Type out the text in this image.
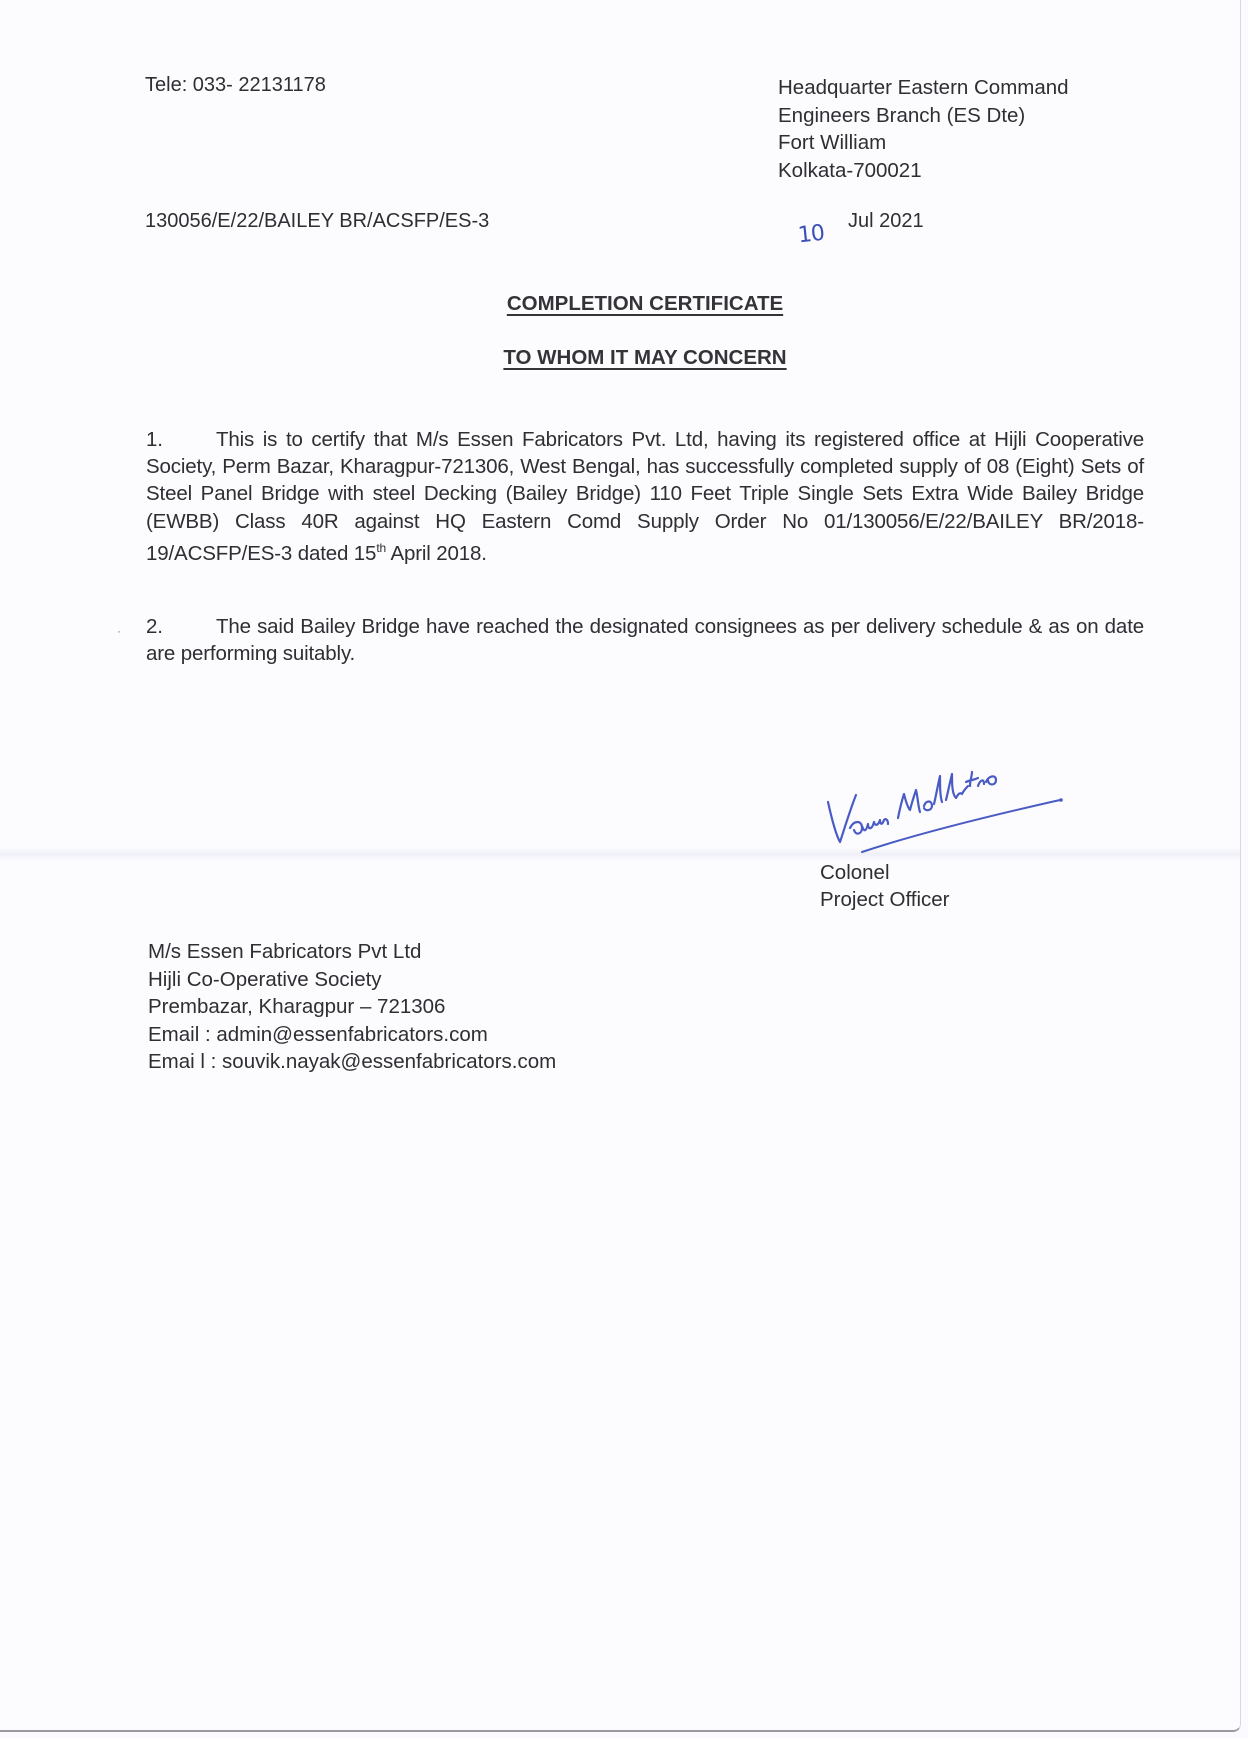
Tele: 033- 22131178	Headquarter Eastern Command
Engineers Branch (ES Dte)
Fort William
Kolkata-700021
130056/E/22/BAILEY BR/ACSFP/ES-3	10 Jul 2021
COMPLETION CERTIFICATE
TO WHOM IT MAY CONCERN
1.	This is to certify that M/s Essen Fabricators Pvt. Ltd, having its registered office at Hijli Cooperative Society, Perm Bazar, Kharagpur-721306, West Bengal, has successfully completed supply of 08 (Eight) Sets of Steel Panel Bridge with steel Decking (Bailey Bridge) 110 Feet Triple Single Sets Extra Wide Bailey Bridge (EWBB) Class 40R against HQ Eastern Comd Supply Order No 01/130056/E/22/BAILEY BR/2018-19/ACSFP/ES-3 dated 15th April 2018.
· 2.	The said Bailey Bridge have reached the designated consignees as per delivery schedule & as on date are performing suitably.
Colonel
Project Officer
M/s Essen Fabricators Pvt Ltd
Hijli Co-Operative Society
Prembazar, Kharagpur – 721306
Email : admin@essenfabricators.com
Emai l : souvik.nayak@essenfabricators.com
